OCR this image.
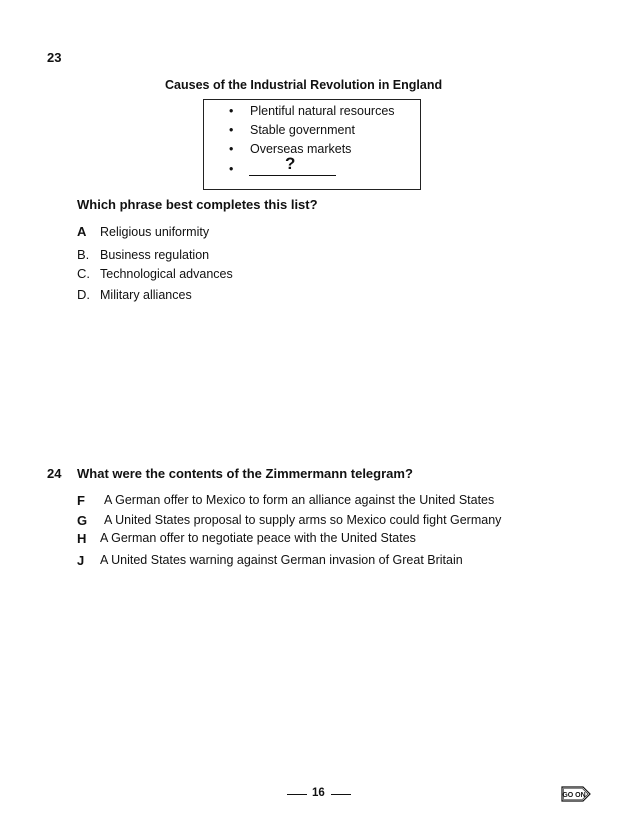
23
Causes of the Industrial Revolution in England
• Plentiful natural resources
• Stable government
• Overseas markets
•	?
Which phrase best completes this list?
A Religious uniformity
B. Business regulation
C. Technological advances
D. Military alliances
24 What were the contents of the Zimmermann telegram?
F A German offer to Mexico to form an alliance against the United States
G A United States proposal to supply arms so Mexico could fight Germany
H A German offer to negotiate peace with the United States
J A United States warning against German invasion of Great Britain
16	GO ON
